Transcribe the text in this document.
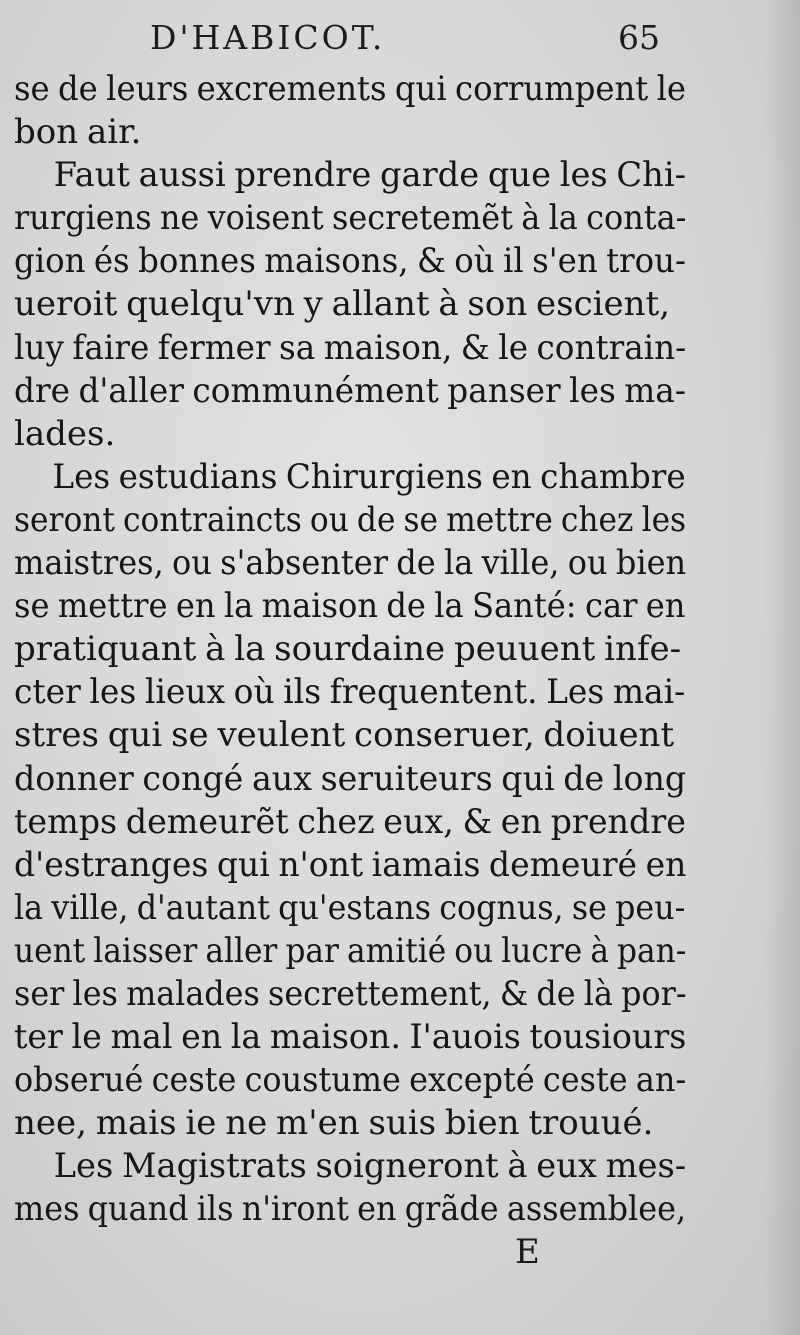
D'HABICOT.	65
se de leurs excrements qui corrumpent le
bon air.
Faut aussi prendre garde que les Chi-
rurgiens ne voisent secretemẽt à la conta-
gion és bonnes maisons, & où il s'en trou-
ueroit quelqu'vn y allant à son escient,
luy faire fermer sa maison, & le contrain-
dre d'aller communément panser les ma-
lades.
Les estudians Chirurgiens en chambre
seront contraincts ou de se mettre chez les
maistres, ou s'absenter de la ville, ou bien
se mettre en la maison de la Santé: car en
pratiquant à la sourdaine peuuent infe-
cter les lieux où ils frequentent. Les mai-
stres qui se veulent conseruer, doiuent
donner congé aux seruiteurs qui de long
temps demeurẽt chez eux, & en prendre
d'estranges qui n'ont iamais demeuré en
la ville, d'autant qu'estans cognus, se peu-
uent laisser aller par amitié ou lucre à pan-
ser les malades secrettement, & de là por-
ter le mal en la maison. I'auois tousiours
obserué ceste coustume excepté ceste an-
nee, mais ie ne m'en suis bien trouué.
Les Magistrats soigneront à eux mes-
mes quand ils n'iront en grãde assemblee,
E
